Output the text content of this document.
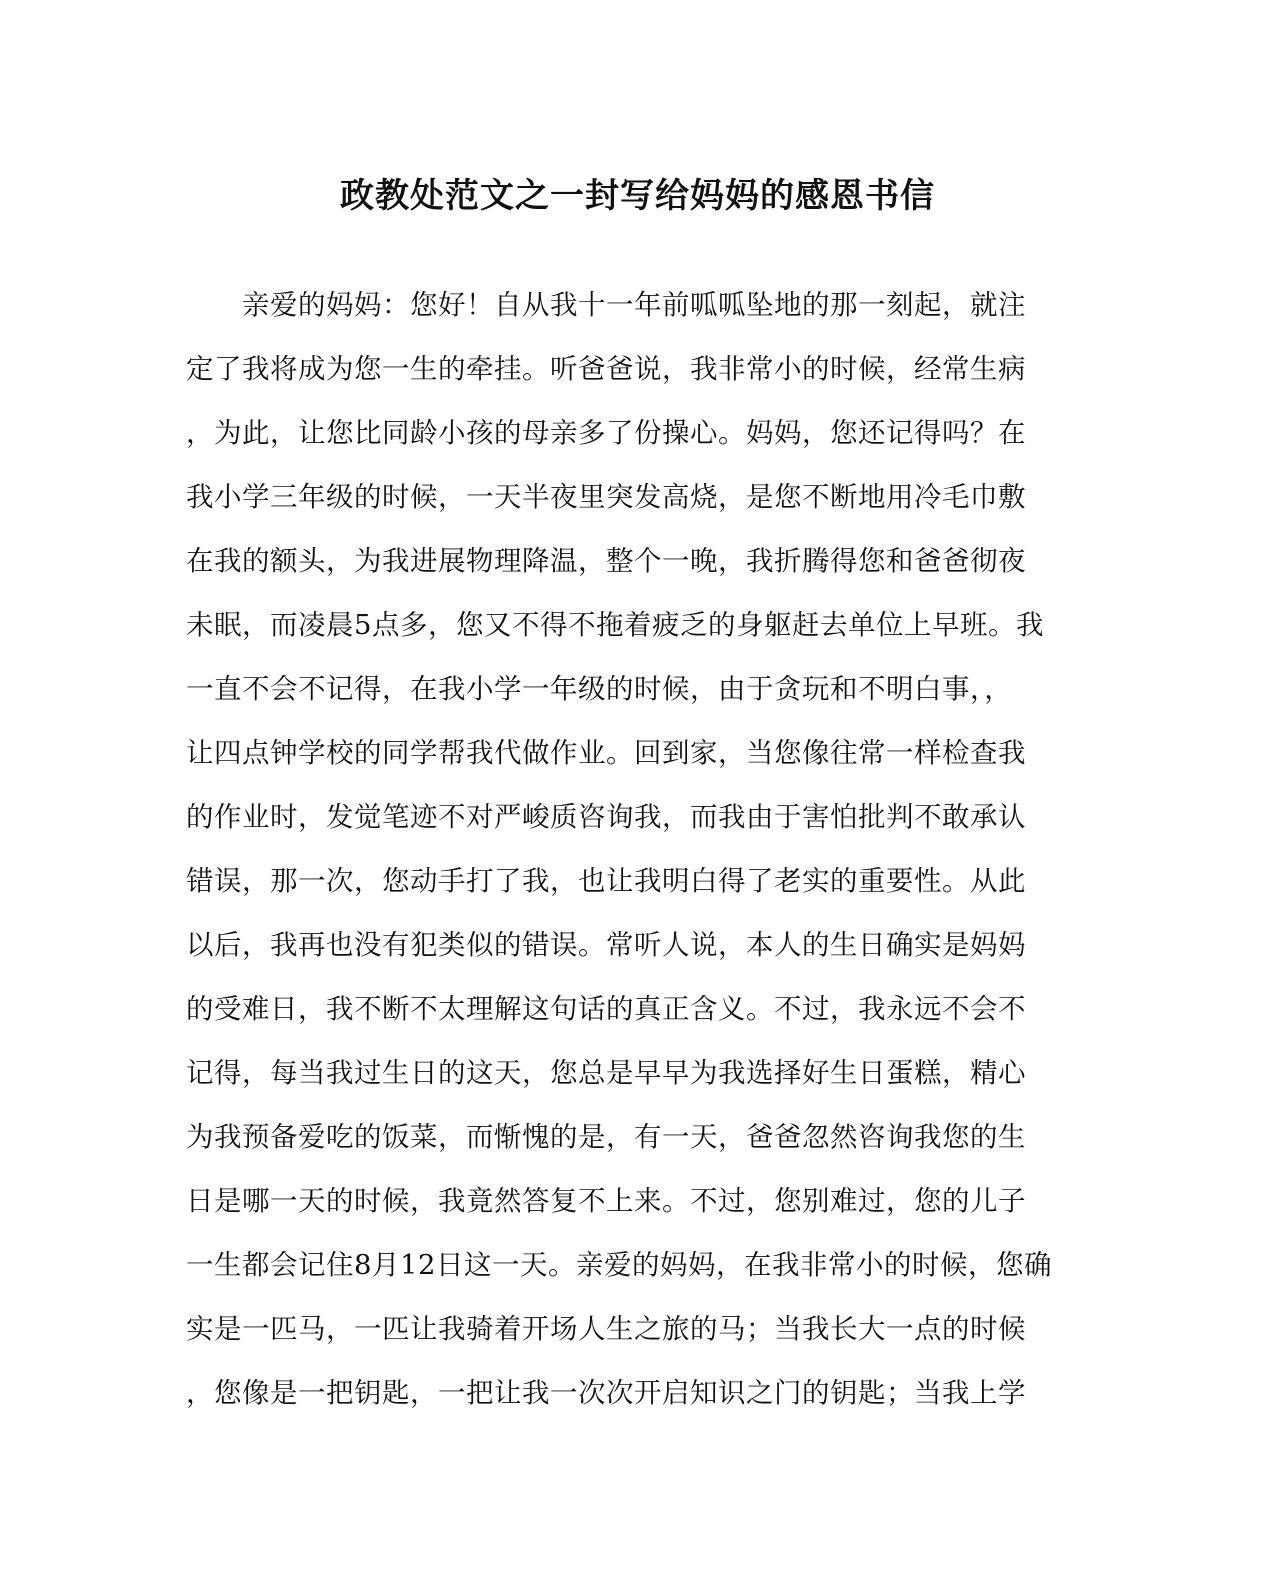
政教处范文之一封写给妈妈的感恩书信
亲爱的妈妈：您好！自从我十一年前呱呱坠地的那一刻起，就注
定了我将成为您一生的牵挂。听爸爸说，我非常小的时候，经常生病
，为此，让您比同龄小孩的母亲多了份操心。妈妈，您还记得吗？在
我小学三年级的时候，一天半夜里突发高烧，是您不断地用冷毛巾敷
在我的额头，为我进展物理降温，整个一晚，我折腾得您和爸爸彻夜
未眠，而凌晨5点多，您又不得不拖着疲乏的身躯赶去单位上早班。我
一直不会不记得，在我小学一年级的时候，由于贪玩和不明白事，，
让四点钟学校的同学帮我代做作业。回到家，当您像往常一样检查我
的作业时，发觉笔迹不对严峻质咨询我，而我由于害怕批判不敢承认
错误，那一次，您动手打了我，也让我明白得了老实的重要性。从此
以后，我再也没有犯类似的错误。常听人说，本人的生日确实是妈妈
的受难日，我不断不太理解这句话的真正含义。不过，我永远不会不
记得，每当我过生日的这天，您总是早早为我选择好生日蛋糕，精心
为我预备爱吃的饭菜，而惭愧的是，有一天，爸爸忽然咨询我您的生
日是哪一天的时候，我竟然答复不上来。不过，您别难过，您的儿子
一生都会记住8月12日这一天。亲爱的妈妈，在我非常小的时候，您确
实是一匹马，一匹让我骑着开场人生之旅的马；当我长大一点的时候
，您像是一把钥匙，一把让我一次次开启知识之门的钥匙；当我上学
